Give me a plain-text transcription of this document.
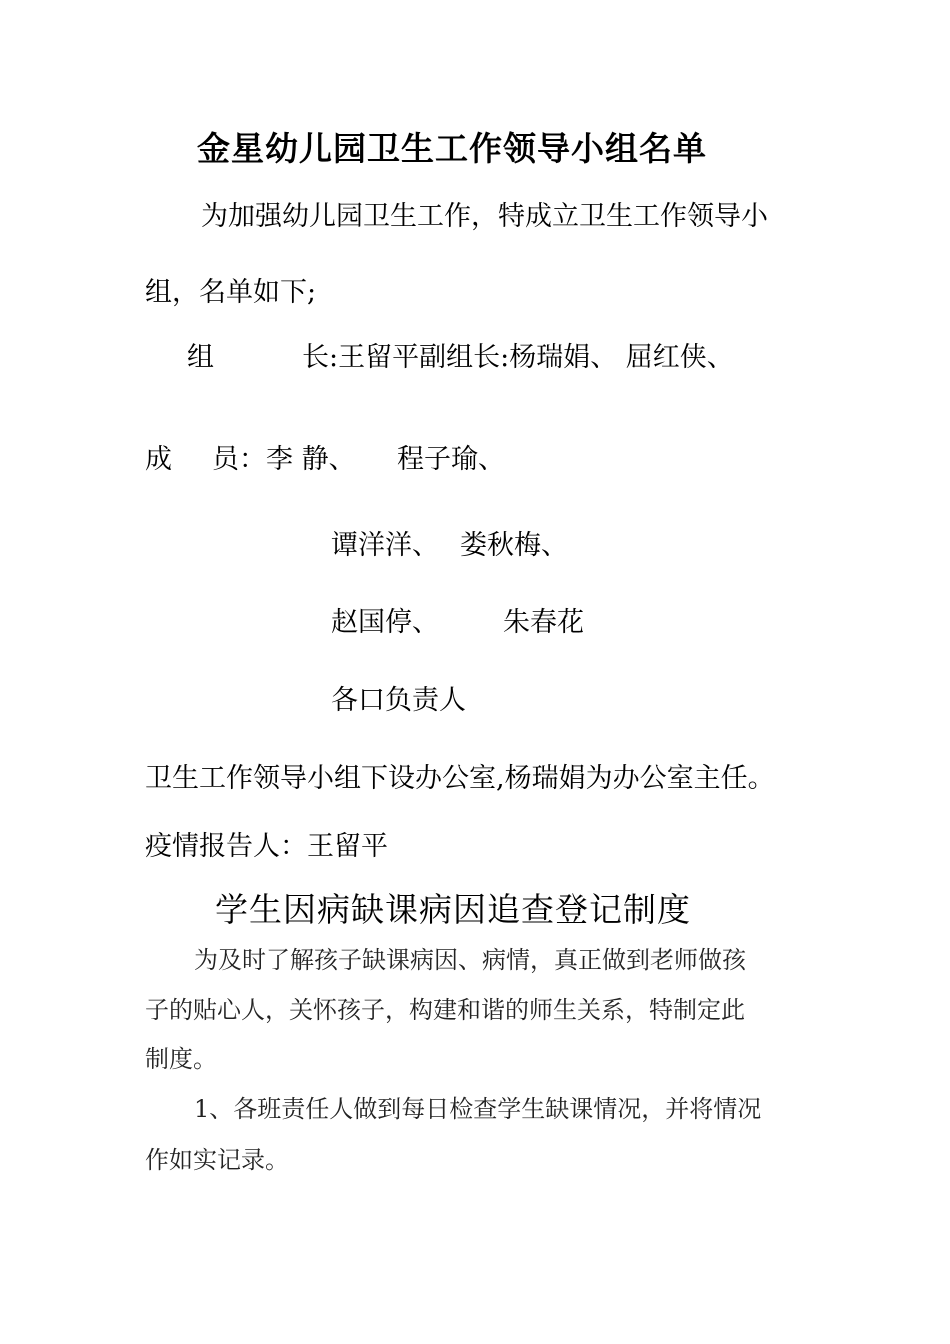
金星幼儿园卫生工作领导小组名单
为加强幼儿园卫生工作，特成立卫生工作领导小
组，名单如下;
组	长:王留平副组长:杨瑞娟、 屈红侠、
成 员：李 静、 程子瑜、
谭洋洋、 娄秋梅、
赵国停、 朱春花
各口负责人
卫生工作领导小组下设办公室,杨瑞娟为办公室主任。
疫情报告人：王留平
学生因病缺课病因追查登记制度
为及时了解孩子缺课病因、病情，真正做到老师做孩
子的贴心人，关怀孩子，构建和谐的师生关系，特制定此
制度。
1、各班责任人做到每日检查学生缺课情况，并将情况
作如实记录。
